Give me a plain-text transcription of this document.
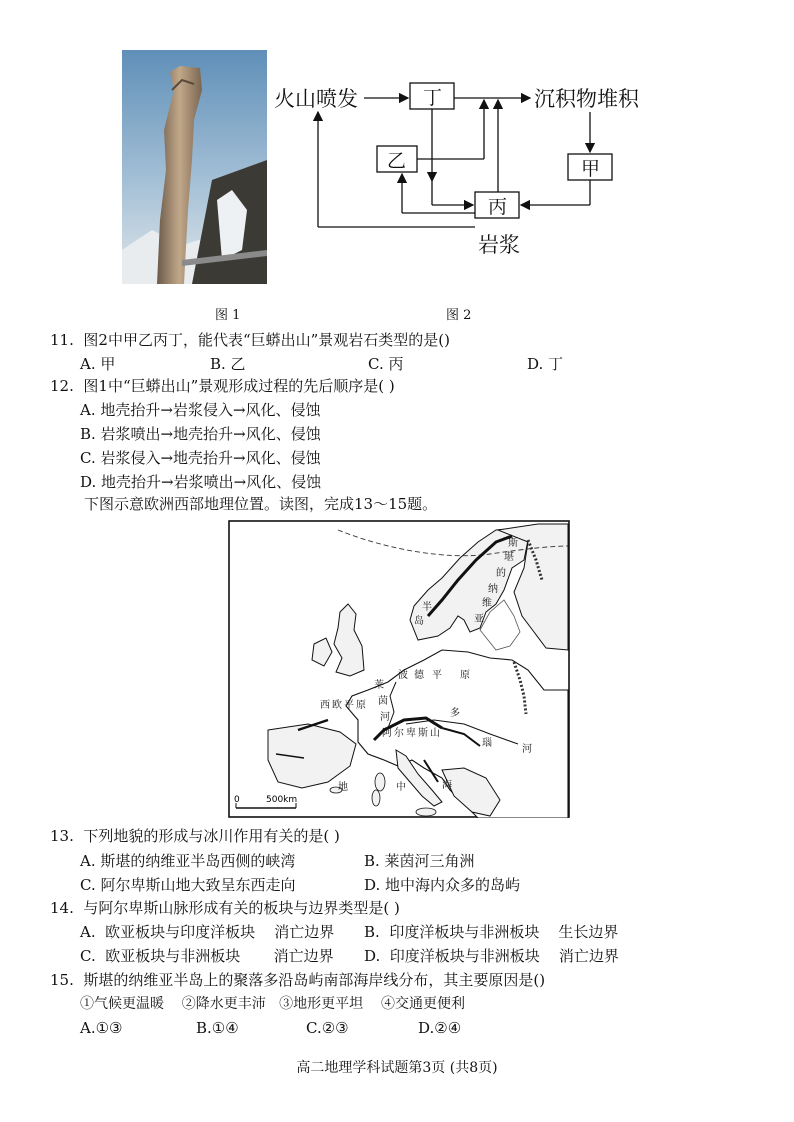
火山喷发	丁	沉积物堆积
乙	甲
丙
岩浆
图 1	图 2
11. 图2中甲乙丙丁，能代表“巨蟒出山”景观岩石类型的是()
A. 甲	B. 乙	C. 丙	D. 丁
12. 图1中“巨蟒出山”景观形成过程的先后顺序是( )
A. 地壳抬升→岩浆侵入→风化、侵蚀
B. 岩浆喷出→地壳抬升→风化、侵蚀
C. 岩浆侵入→地壳抬升→风化、侵蚀
D. 地壳抬升→岩浆喷出→风化、侵蚀
下图示意欧洲西部地理位置。读图，完成13～15题。
斯
堪
的
纳
维
亚
半
岛
莱
茵
河
西欧平原
波 德 平 原
多
瑙
河
阿尔卑斯山
地	中	海
0	500km
13. 下列地貌的形成与冰川作用有关的是( )
A. 斯堪的纳维亚半岛西侧的峡湾	B. 莱茵河三角洲
C. 阿尔卑斯山地大致呈东西走向	D. 地中海内众多的岛屿
14. 与阿尔卑斯山脉形成有关的板块与边界类型是( )
A.  欧亚板块与印度洋板块    消亡边界 B.  印度洋板块与非洲板块    生长边界
C.  欧亚板块与非洲板块       消亡边界 D.  印度洋板块与非洲板块    消亡边界
15. 斯堪的纳维亚半岛上的聚落多沿岛屿南部海岸线分布，其主要原因是()
①气候更温暖    ②降水更丰沛   ③地形更平坦    ④交通更便利
A.①③	B.①④	C.②③	D.②④
高二地理学科试题第3页 (共8页)
